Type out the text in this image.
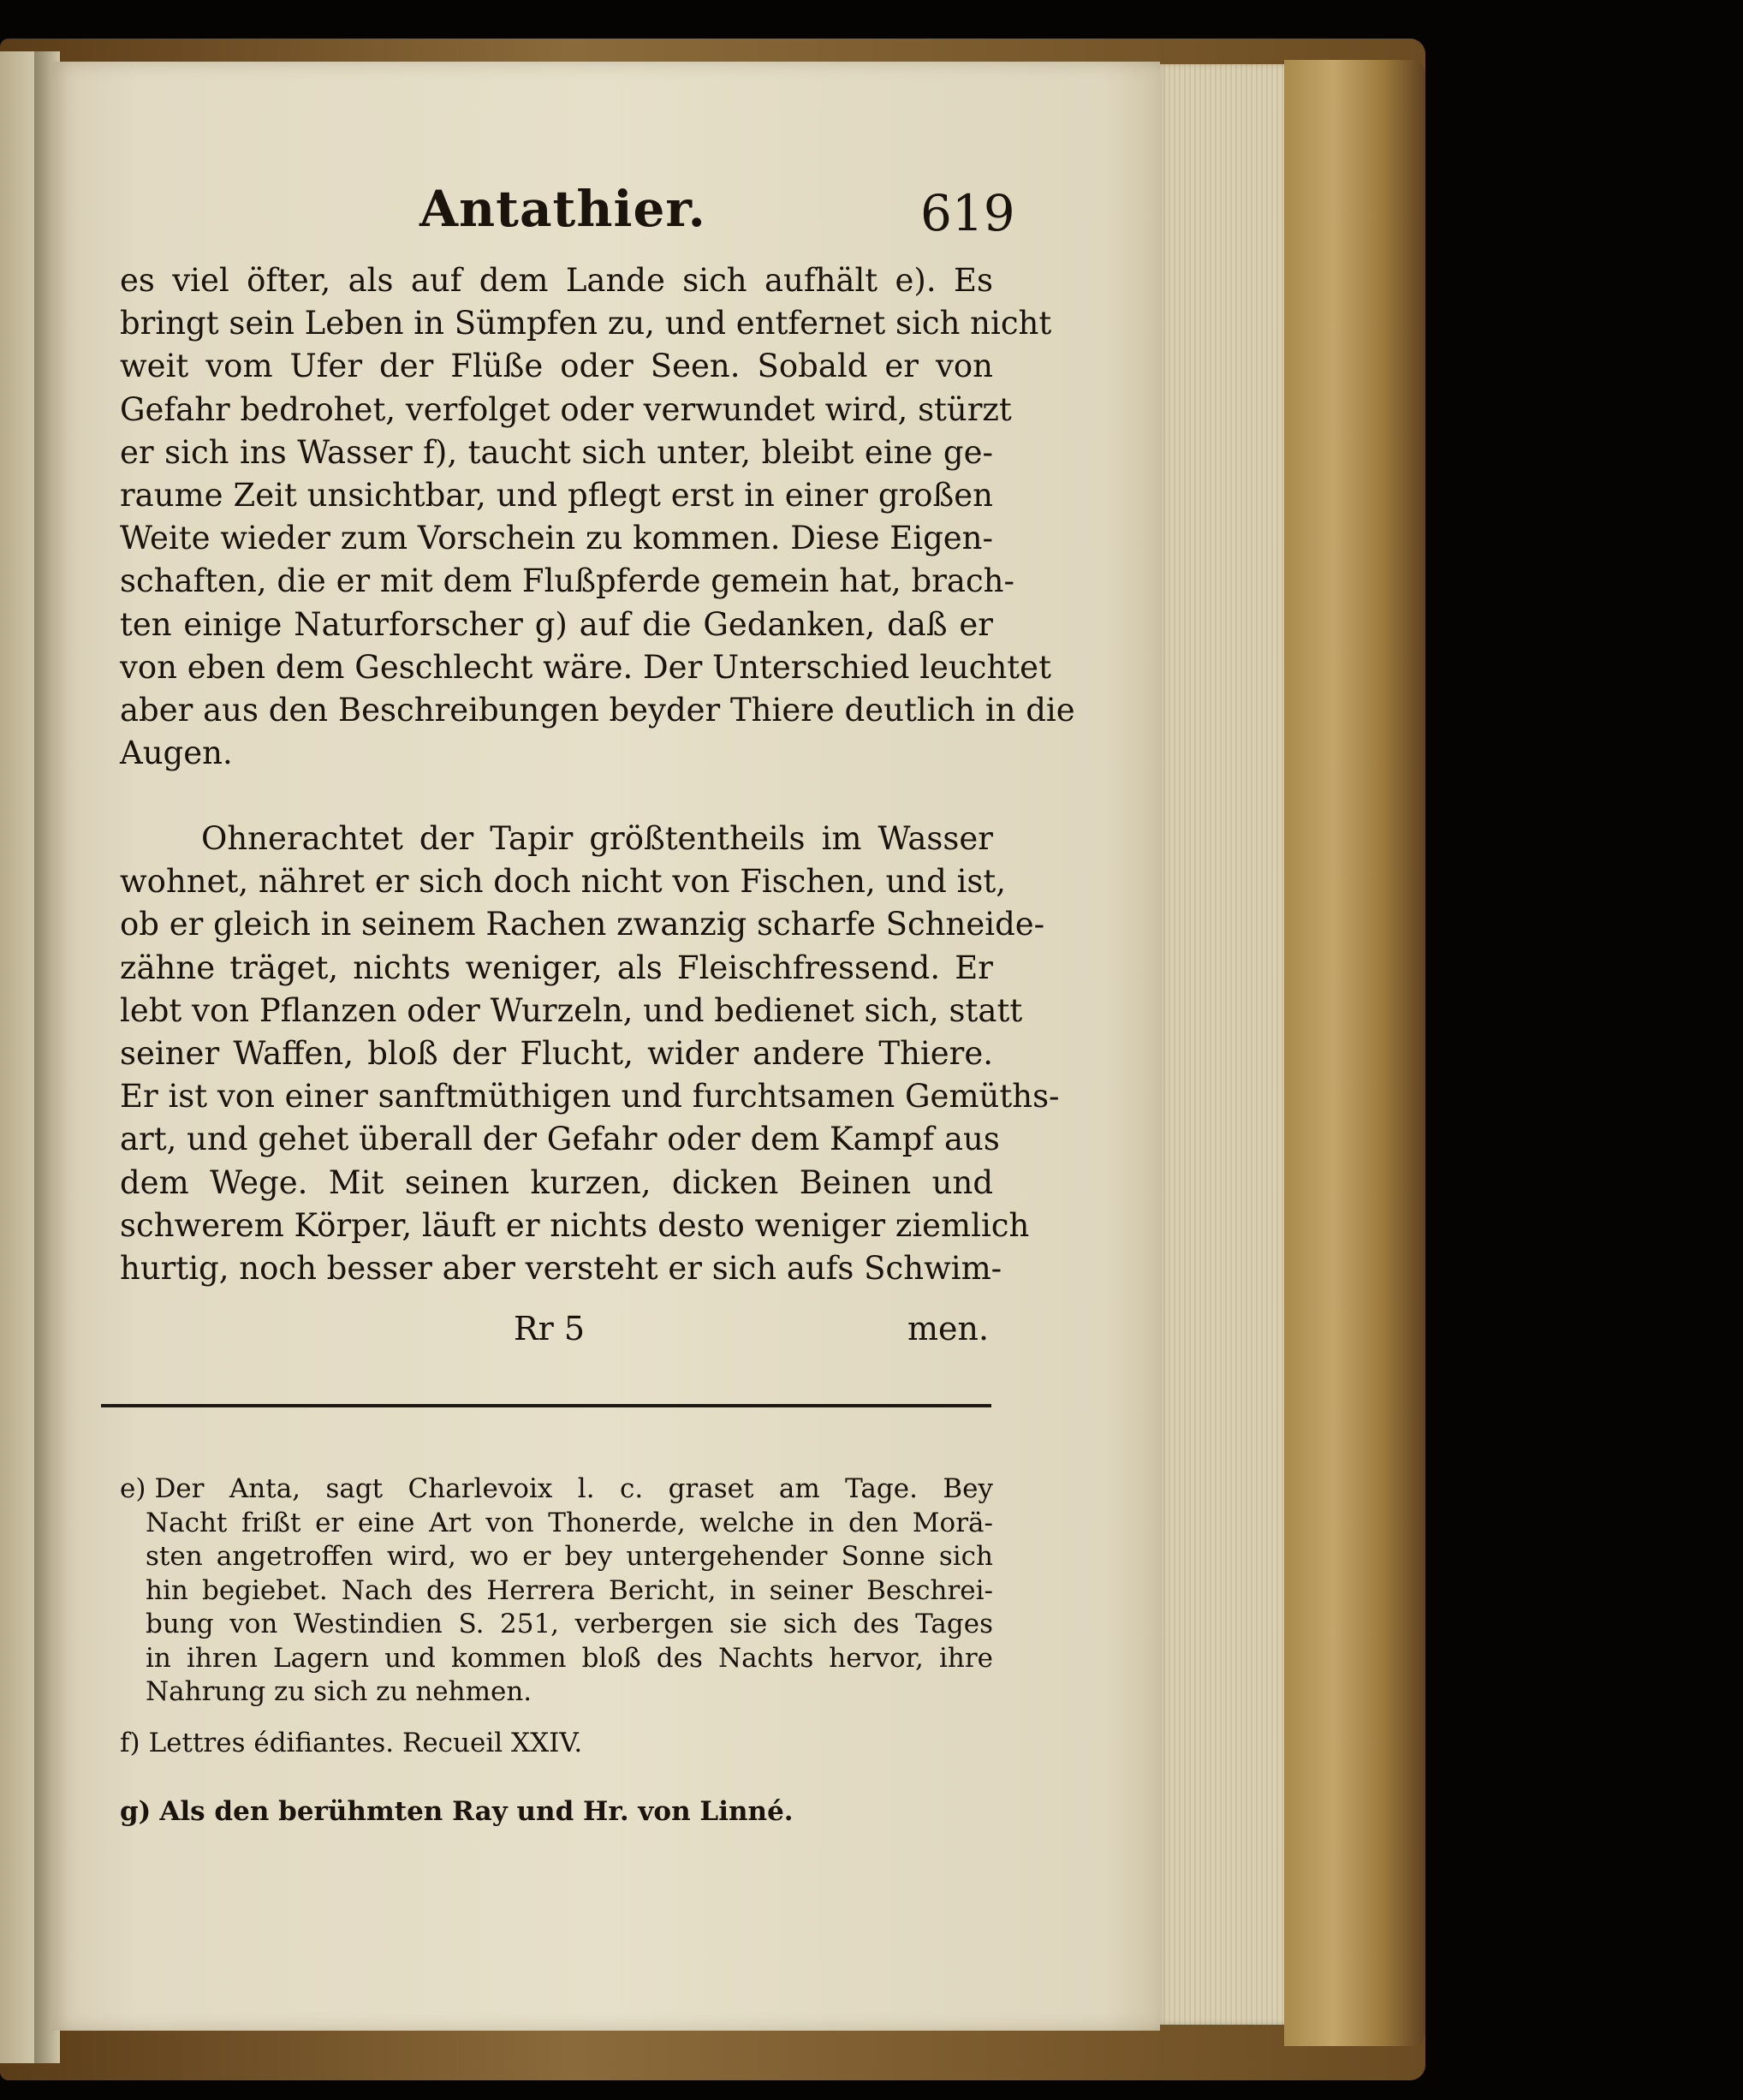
Antathier.	619
es viel öfter, als auf dem Lande sich aufhält e). Es
bringt sein Leben in Sümpfen zu, und entfernet sich nicht
weit vom Ufer der Flüße oder Seen. Sobald er von
Gefahr bedrohet, verfolget oder verwundet wird, stürzt
er sich ins Wasser f), taucht sich unter, bleibt eine ge-
raume Zeit unsichtbar, und pflegt erst in einer großen
Weite wieder zum Vorschein zu kommen. Diese Eigen-
schaften, die er mit dem Flußpferde gemein hat, brach-
ten einige Naturforscher g) auf die Gedanken, daß er
von eben dem Geschlecht wäre. Der Unterschied leuchtet
aber aus den Beschreibungen beyder Thiere deutlich in die
Augen.
Ohnerachtet der Tapir größtentheils im Wasser
wohnet, nähret er sich doch nicht von Fischen, und ist,
ob er gleich in seinem Rachen zwanzig scharfe Schneide-
zähne träget, nichts weniger, als Fleischfressend. Er
lebt von Pflanzen oder Wurzeln, und bedienet sich, statt
seiner Waffen, bloß der Flucht, wider andere Thiere.
Er ist von einer sanftmüthigen und furchtsamen Gemüths-
art, und gehet überall der Gefahr oder dem Kampf aus
dem Wege. Mit seinen kurzen, dicken Beinen und
schwerem Körper, läuft er nichts desto weniger ziemlich
hurtig, noch besser aber versteht er sich aufs Schwim-
Rr 5	men.
e) Der Anta, sagt Charlevoix l. c. graset am Tage. Bey
Nacht frißt er eine Art von Thonerde, welche in den Morä-
sten angetroffen wird, wo er bey untergehender Sonne sich
hin begiebet. Nach des Herrera Bericht, in seiner Beschrei-
bung von Westindien S. 251, verbergen sie sich des Tages
in ihren Lagern und kommen bloß des Nachts hervor, ihre
Nahrung zu sich zu nehmen.
f) Lettres édifiantes. Recueil XXIV.
g) Als den berühmten Ray und Hr. von Linné.
